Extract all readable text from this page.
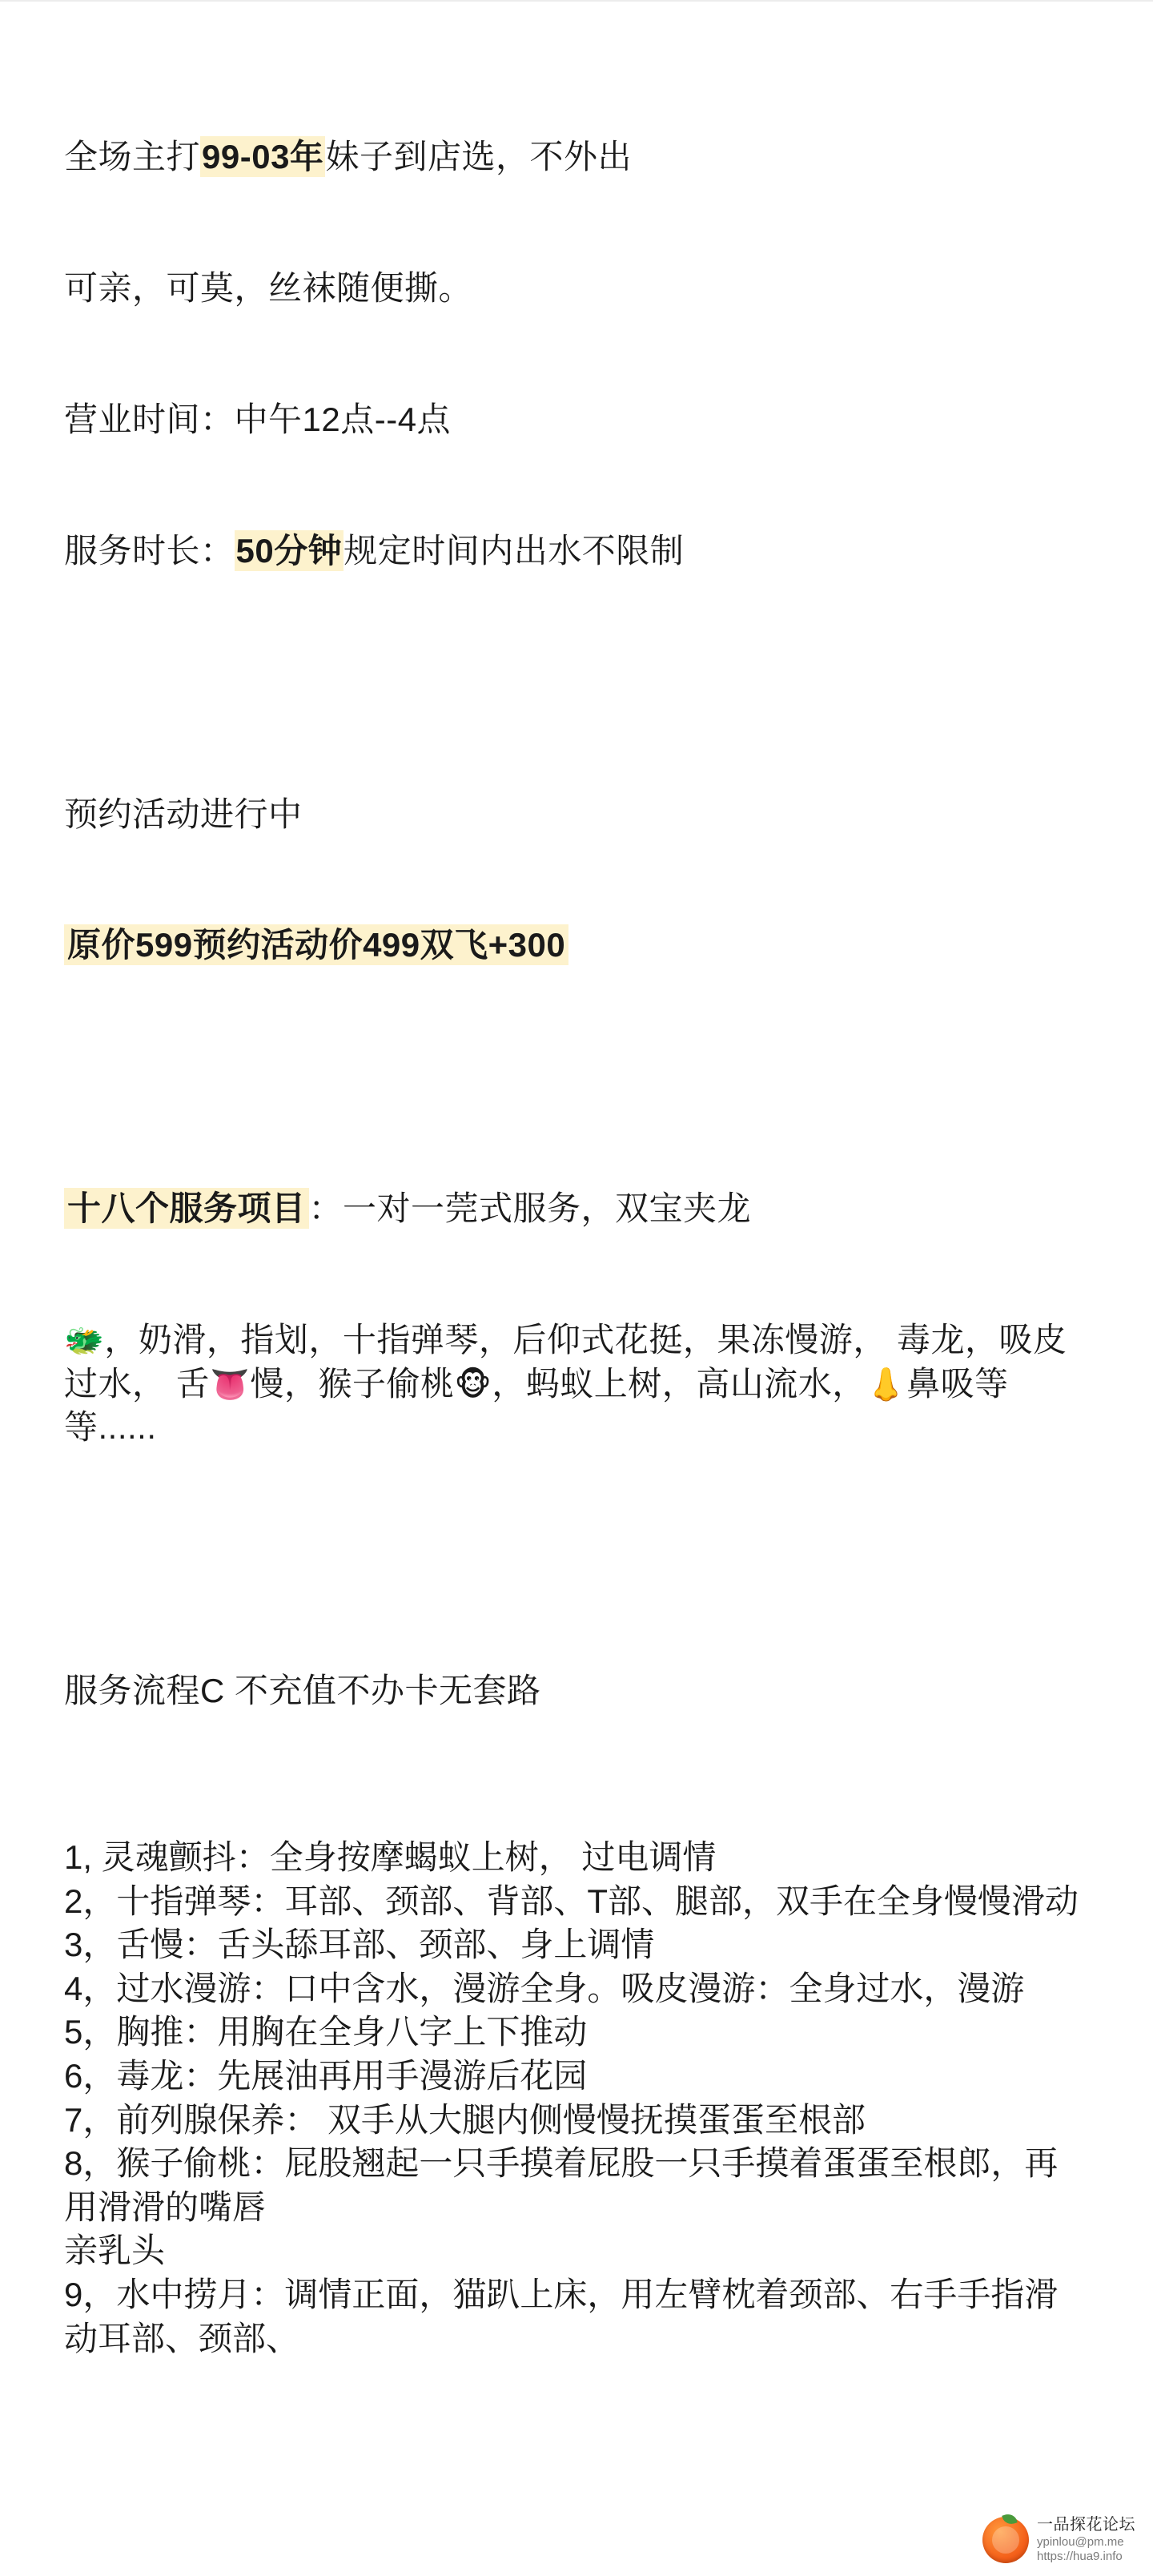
全场主打99-03年妹子到店选，不外出

可亲，可莫，丝袜随便撕。

营业时间：中午12点--4点

服务时长：50分钟规定时间内出水不限制

预约活动进行中

原价599预约活动价499双飞+300

十八个服务项目：一对一莞式服务，双宝夹龙

🐲，奶滑，指划，十指弹琴，后仰式花挺，果冻慢游， 毒龙，吸皮过水， 舌👅慢，猴子偷桃🐵，蚂蚁上树，高山流水，👃鼻吸等等......

服务流程C 不充值不办卡无套路

1, 灵魂颤抖：全身按摩蝎蚁上树， 过电调情
2，十指弹琴：耳部、颈部、背部、T部、腿部，双手在全身慢慢滑动
3，舌慢：舌头舔耳部、颈部、身上调情
4，过水漫游：口中含水，漫游全身。吸皮漫游：全身过水，漫游
5，胸推：用胸在全身八字上下推动
6，毒龙：先展油再用手漫游后花园
7，前列腺保养： 双手从大腿内侧慢慢抚摸蛋蛋至根部
8，猴子偷桃：屁股翘起一只手摸着屁股一只手摸着蛋蛋至根郎，再用滑滑的嘴唇
亲乳头
9，水中捞月：调情正面，猫趴上床，用左臂枕着颈部、右手手指滑动耳部、颈部、
一品探花论坛
ypinlou@pm.me
https://hua9.info
